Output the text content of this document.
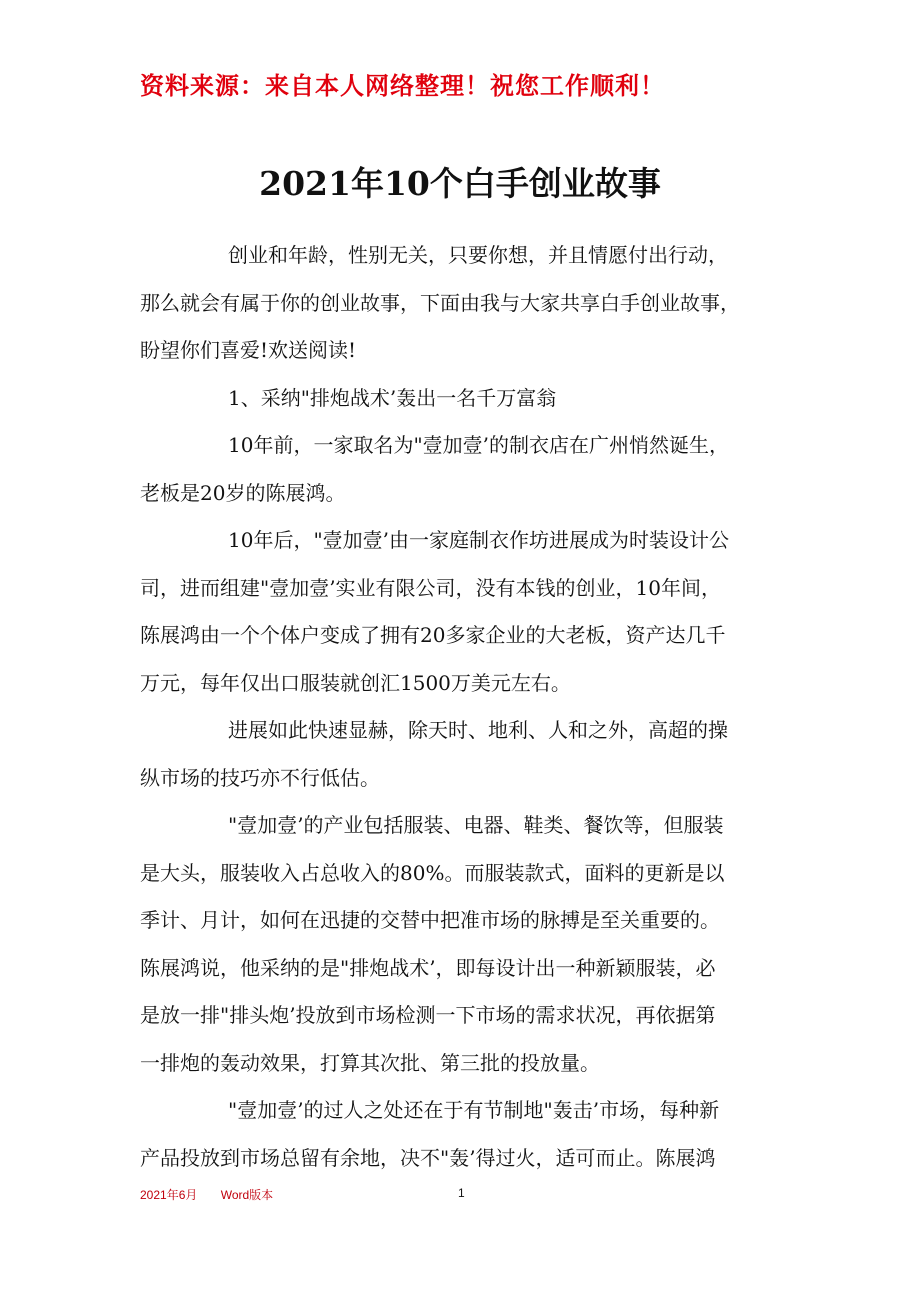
资料来源：来自本人网络整理！祝您工作顺利！
2021年10个白手创业故事

创业和年龄，性别无关，只要你想，并且情愿付出行动，
那么就会有属于你的创业故事，下面由我与大家共享白手创业故事，
盼望你们喜爱!欢送阅读!

1、采纳"排炮战术’轰出一名千万富翁

10年前，一家取名为"壹加壹’的制衣店在广州悄然诞生，
老板是20岁的陈展鸿。

10年后，"壹加壹’由一家庭制衣作坊进展成为时装设计公
司，进而组建"壹加壹’实业有限公司，没有本钱的创业，10年间，
陈展鸿由一个个体户变成了拥有20多家企业的大老板，资产达几千
万元，每年仅出口服装就创汇1500万美元左右。

进展如此快速显赫，除天时、地利、人和之外，高超的操
纵市场的技巧亦不行低估。

"壹加壹’的产业包括服装、电器、鞋类、餐饮等，但服装
是大头，服装收入占总收入的80%。而服装款式，面料的更新是以
季计、月计，如何在迅捷的交替中把准市场的脉搏是至关重要的。
陈展鸿说，他采纳的是"排炮战术’，即每设计出一种新颖服装，必
是放一排"排头炮’投放到市场检测一下市场的需求状况，再依据第
一排炮的轰动效果，打算其次批、第三批的投放量。

"壹加壹’的过人之处还在于有节制地"轰击’市场，每种新
产品投放到市场总留有余地，决不"轰’得过火，适可而止。陈展鸿

2021年6月 Word版本	1
